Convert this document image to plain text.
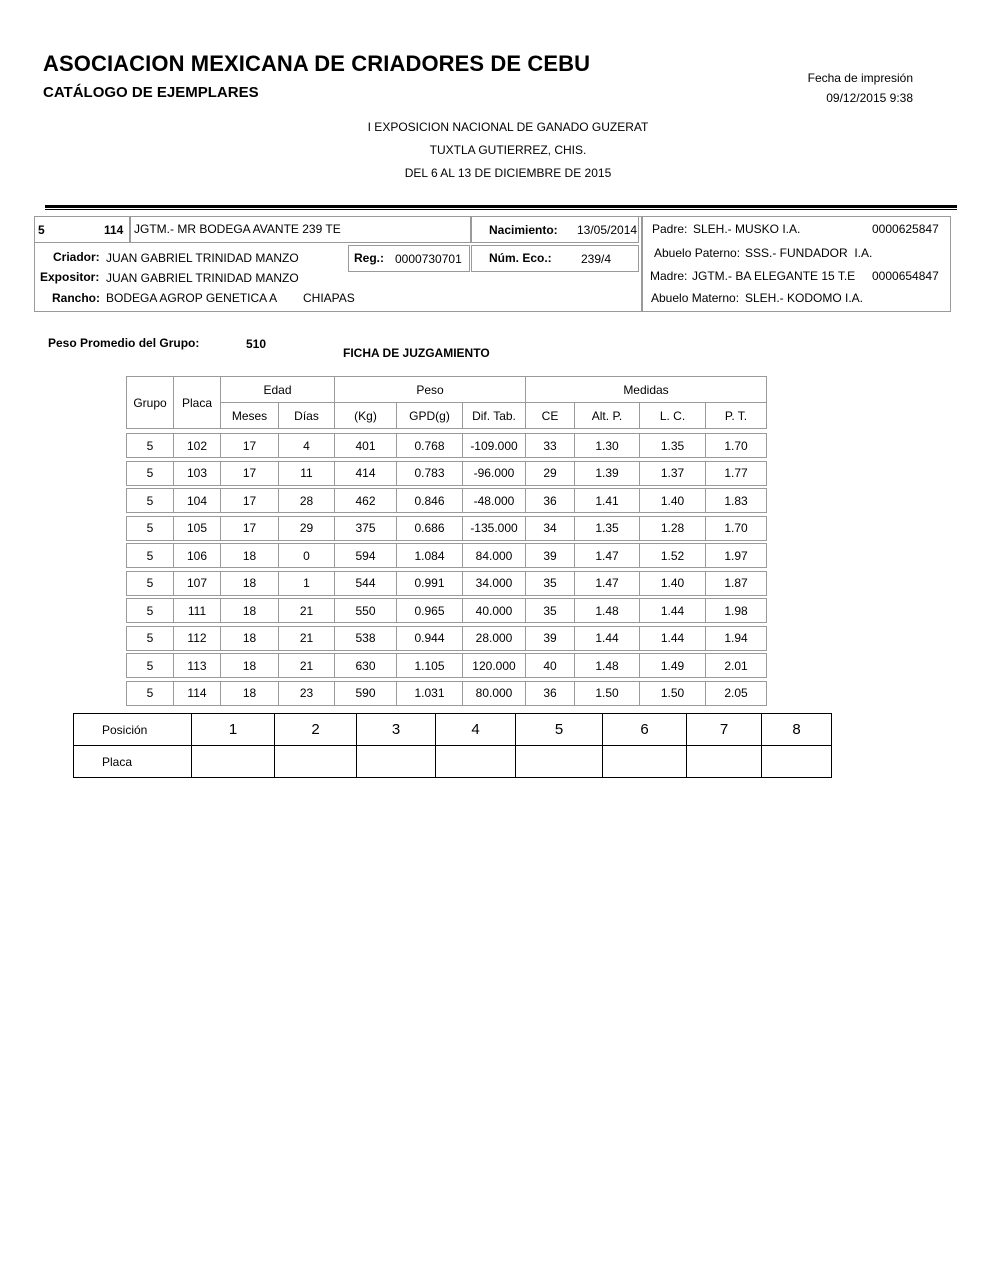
ASOCIACION MEXICANA DE CRIADORES DE CEBU
CATÁLOGO DE EJEMPLARES
Fecha de impresión
09/12/2015 9:38
I EXPOSICION NACIONAL DE GANADO GUZERAT
TUXTLA GUTIERREZ, CHIS.
DEL 6 AL 13 DE DICIEMBRE DE 2015
5	114 JGTM.- MR BODEGA AVANTE 239 TE	Nacimiento: 13/05/2014
Criador: JUAN GABRIEL TRINIDAD MANZO	Reg.: 0000730701 Núm. Eco.: 239/4
Expositor: JUAN GABRIEL TRINIDAD MANZO
Rancho: BODEGA AGROP GENETICA A CHIAPAS
Padre: SLEH.- MUSKO I.A.	0000625847
Abuelo Paterno: SSS.- FUNDADOR  I.A.
Madre: JGTM.- BA ELEGANTE 15 T.E	0000654847
Abuelo Materno: SLEH.- KODOMO I.A.
Peso Promedio del Grupo:	510
FICHA DE JUZGAMIENTO
Grupo	Placa	Edad		Peso			Medidas			
		Meses	Días	(Kg)	GPD(g)	Dif. Tab.	CE	Alt. P.	L. C.	P. T.
5	102	17	4	401	0.768	-109.000	33	1.30	1.35	1.70
5	103	17	11	414	0.783	-96.000	29	1.39	1.37	1.77
5	104	17	28	462	0.846	-48.000	36	1.41	1.40	1.83
5	105	17	29	375	0.686	-135.000	34	1.35	1.28	1.70
5	106	18	0	594	1.084	84.000	39	1.47	1.52	1.97
5	107	18	1	544	0.991	34.000	35	1.47	1.40	1.87
5	111	18	21	550	0.965	40.000	35	1.48	1.44	1.98
5	112	18	21	538	0.944	28.000	39	1.44	1.44	1.94
5	113	18	21	630	1.105	120.000	40	1.48	1.49	2.01
5	114	18	23	590	1.031	80.000	36	1.50	1.50	2.05
Posición	1	2	3	4	5	6	7	8
Placa								
